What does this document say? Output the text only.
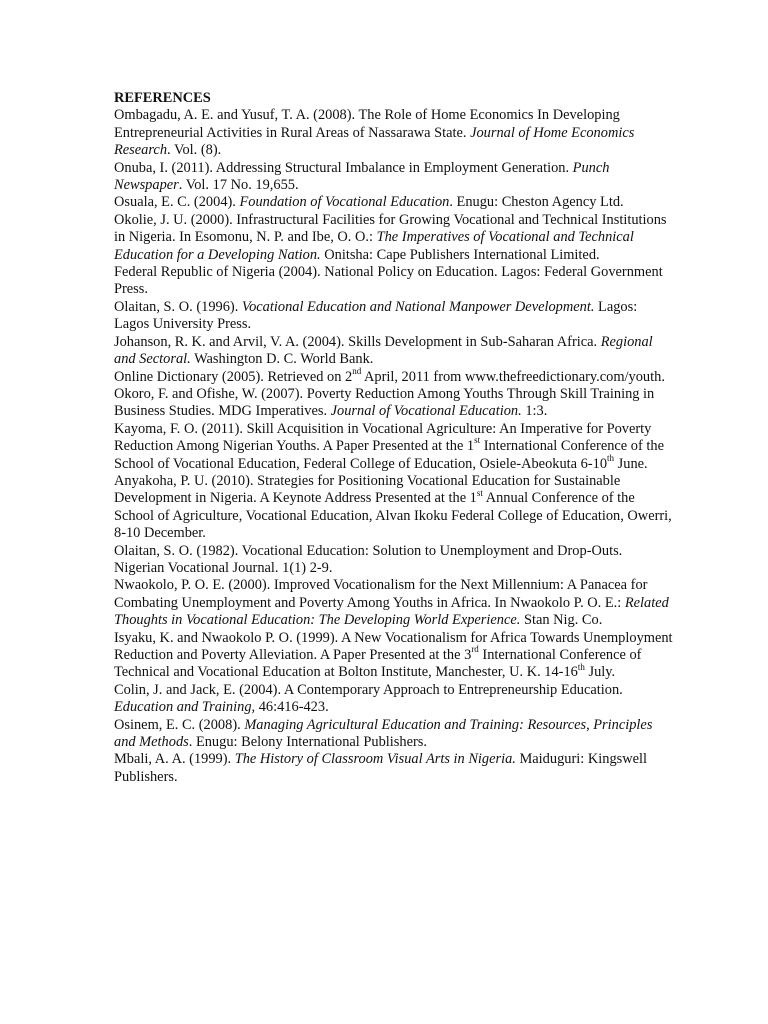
REFERENCES

Ombagadu, A. E. and Yusuf, T. A. (2008). The Role of Home Economics In Developing Entrepreneurial Activities in Rural Areas of Nassarawa State. Journal of Home Economics Research. Vol. (8).

Onuba, I. (2011). Addressing Structural Imbalance in Employment Generation. Punch Newspaper. Vol. 17 No. 19,655.

Osuala, E. C. (2004). Foundation of Vocational Education. Enugu: Cheston Agency Ltd.

Okolie, J. U. (2000). Infrastructural Facilities for Growing Vocational and Technical Institutions in Nigeria. In Esomonu, N. P. and Ibe, O. O.: The Imperatives of Vocational and Technical Education for a Developing Nation. Onitsha: Cape Publishers International Limited.

Federal Republic of Nigeria (2004). National Policy on Education. Lagos: Federal Government Press.

Olaitan, S. O. (1996). Vocational Education and National Manpower Development. Lagos: Lagos University Press.

Johanson, R. K. and Arvil, V. A. (2004). Skills Development in Sub-Saharan Africa. Regional and Sectoral. Washington D. C. World Bank.

Online Dictionary (2005). Retrieved on 2nd April, 2011 from www.thefreedictionary.com/youth.

Okoro, F. and Ofishe, W. (2007). Poverty Reduction Among Youths Through Skill Training in Business Studies. MDG Imperatives. Journal of Vocational Education. 1:3.

Kayoma, F. O. (2011). Skill Acquisition in Vocational Agriculture: An Imperative for Poverty Reduction Among Nigerian Youths. A Paper Presented at the 1st International Conference of the School of Vocational Education, Federal College of Education, Osiele-Abeokuta 6-10th June.

Anyakoha, P. U. (2010). Strategies for Positioning Vocational Education for Sustainable Development in Nigeria. A Keynote Address Presented at the 1st Annual Conference of the School of Agriculture, Vocational Education, Alvan Ikoku Federal College of Education, Owerri, 8-10 December.

Olaitan, S. O. (1982). Vocational Education: Solution to Unemployment and Drop-Outs. Nigerian Vocational Journal. 1(1) 2-9.

Nwaokolo, P. O. E. (2000). Improved Vocationalism for the Next Millennium: A Panacea for Combating Unemployment and Poverty Among Youths in Africa. In Nwaokolo P. O. E.: Related Thoughts in Vocational Education: The Developing World Experience. Stan Nig. Co.

Isyaku, K. and Nwaokolo P. O. (1999). A New Vocationalism for Africa Towards Unemployment Reduction and Poverty Alleviation. A Paper Presented at the 3rd International Conference of Technical and Vocational Education at Bolton Institute, Manchester, U. K. 14-16th July.

Colin, J. and Jack, E. (2004). A Contemporary Approach to Entrepreneurship Education. Education and Training, 46:416-423.

Osinem, E. C. (2008). Managing Agricultural Education and Training: Resources, Principles and Methods. Enugu: Belony International Publishers.

Mbali, A. A. (1999). The History of Classroom Visual Arts in Nigeria. Maiduguri: Kingswell Publishers.
